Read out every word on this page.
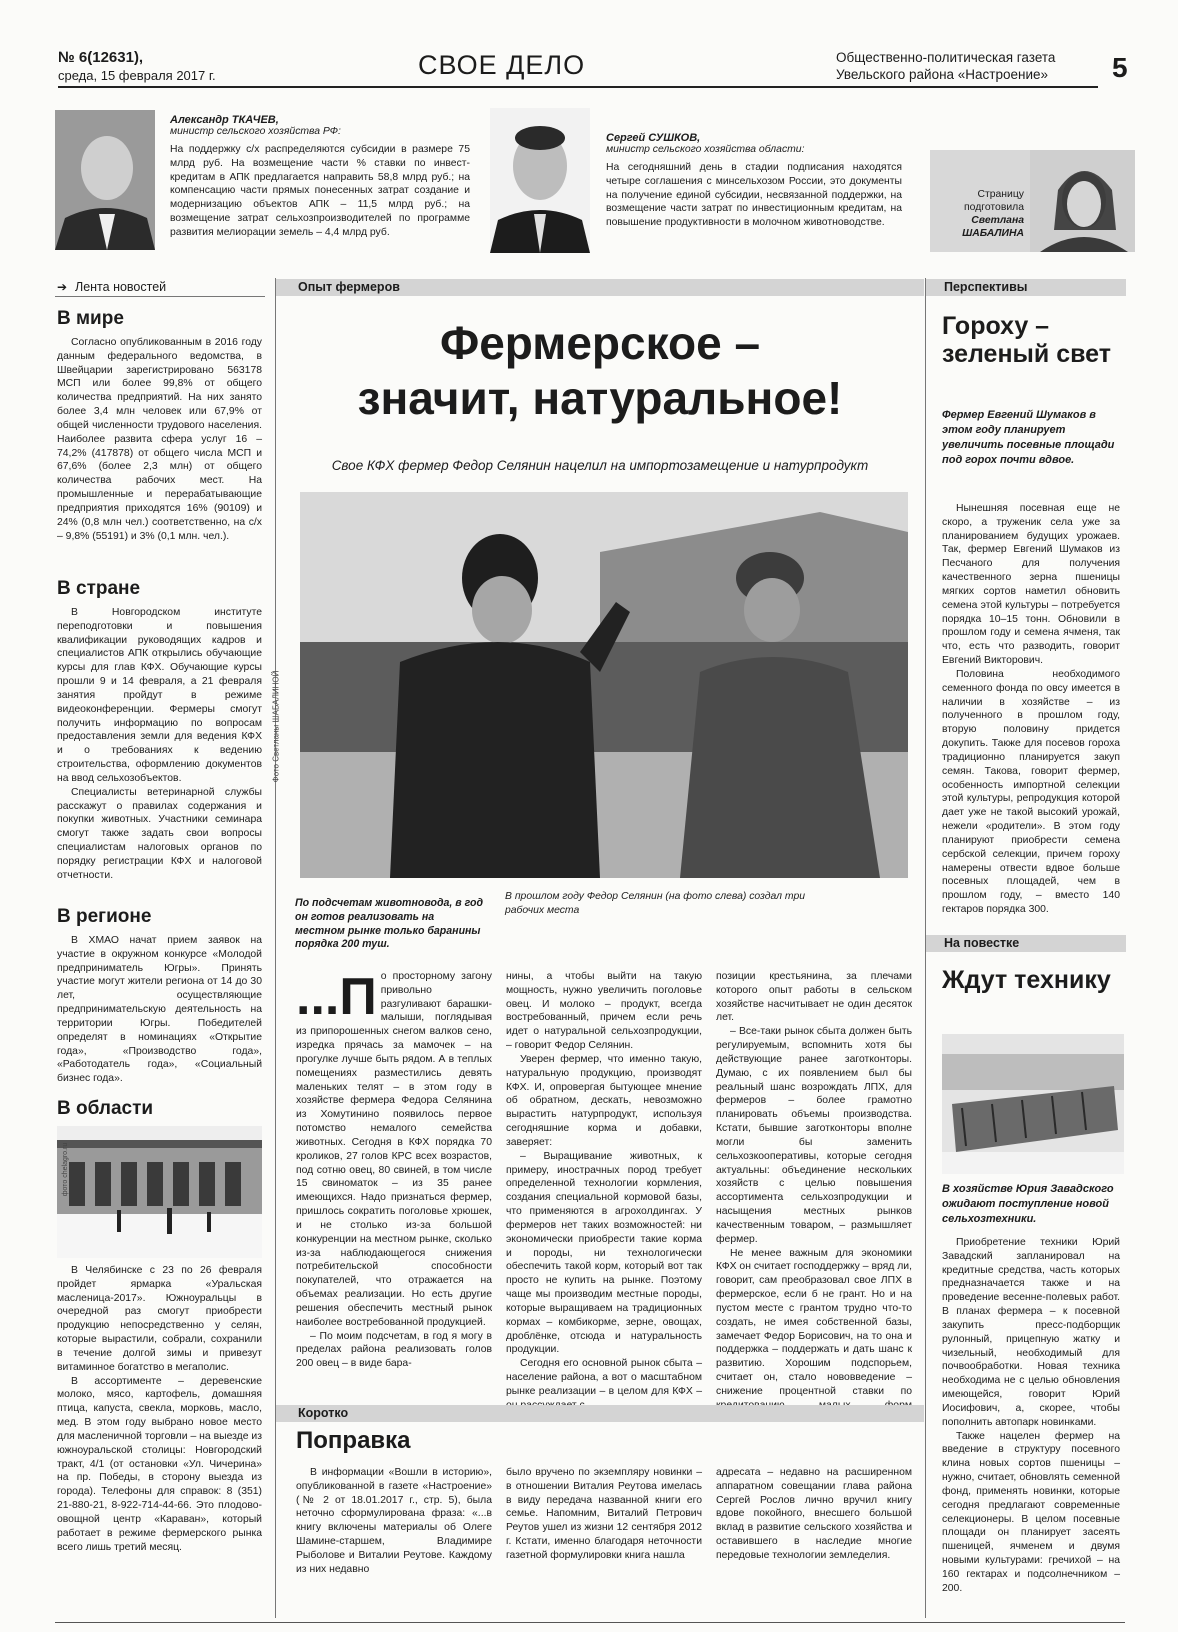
№ 6(12631),
среда, 15 февраля 2017 г.	СВОЕ ДЕЛО	Общественно-политическая газета
Увельского района «Настроение» 5
Александр ТКАЧЕВ,
министр сельского хозяйства РФ:

На поддержку с/х распределяются субсидии в размере 75 млрд руб. На возмещение части % ставки по инвест-кредитам в АПК предлагается направить 58,8 млрд руб.; на компенсацию части прямых понесенных затрат создание и модернизацию объектов АПК – 11,5 млрд руб.; на возмещение затрат сельхозпроизводителей по программе развития мелиорации земель – 4,4 млрд руб.

Сергей СУШКОВ,
министр сельского хозяйства области:

На сегодняшний день в стадии подписания находятся четыре соглашения с минсельхозом России, это документы на получение единой субсидии, несвязанной поддержки, на возмещение части затрат по инвестиционным кредитам, на повышение продуктивности в молочном животноводстве.

Страницу
подготовила
Светлана
ШАБАЛИНА
➔ Лента новостей
В мире

Согласно опубликованным в 2016 году данным федерального ведомства, в Швейцарии зарегистрировано 563178 МСП или более 99,8% от общего количества предприятий. На них занято более 3,4 млн человек или 67,9% от общей численности трудового населения. Наиболее развита сфера услуг 16 – 74,2% (417878) от общего числа МСП и 67,6% (более 2,3 млн) от общего количества рабочих мест. На промышленные и перерабатывающие предприятия приходятся 16% (90109) и 24% (0,8 млн чел.) соответственно, на с/х – 9,8% (55191) и 3% (0,1 млн. чел.).

В стране

В Новгородском институте переподготовки и повышения квалификации руководящих кадров и специалистов АПК открылись обучающие курсы для глав КФХ. Обучающие курсы прошли 9 и 14 февраля, а 21 февраля занятия пройдут в режиме видеоконференции. Фермеры смогут получить информацию по вопросам предоставления земли для ведения КФХ и о требованиях к ведению строительства, оформлению документов на ввод сельхозобъектов.

Специалисты ветеринарной службы расскажут о правилах содержания и покупки животных. Участники семинара смогут также задать свои вопросы специалистам налоговых органов по порядку регистрации КФХ и налоговой отчетности.

В регионе

В ХМАО начат прием заявок на участие в окружном конкурсе «Молодой предприниматель Югры». Принять участие могут жители региона от 14 до 30 лет, осуществляющие предпринимательскую деятельность на территории Югры. Победителей определят в номинациях «Открытие года», «Производство года», «Работодатель года», «Социальный бизнес года».

В области
фото chelagro.ru

В Челябинске с 23 по 26 февраля пройдет ярмарка «Уральская масленица-2017». Южноуральцы в очередной раз смогут приобрести продукцию непосредственно у селян, которые вырастили, собрали, сохранили в течение долгой зимы и привезут витаминное богатство в мегаполис.

В ассортименте – деревенские молоко, мясо, картофель, домашняя птица, капуста, свекла, морковь, масло, мед. В этом году выбрано новое место для масленичной торговли – на выезде из южноуральской столицы: Новгородский тракт, 4/1 (от остановки «Ул. Чичерина» на пр. Победы, в сторону выезда из города). Телефоны для справок: 8 (351) 21-880-21, 8-922-714-44-66. Это плодово-овощной центр «Караван», который работает в режиме фермерского рынка всего лишь третий месяц.

Опыт фермеров
Фермерское –
значит, натуральное!
Свое КФХ фермер Федор Селянин нацелил на импортозамещение и натурпродукт
Фото Светланы ШАБАЛИНОЙ
По подсчетам животновода, в год он готов реализовать на местном рынке только баранины порядка 200 туш.
В прошлом году Федор Селянин (на фото слева) создал три рабочих места
...П о просторному загону привольно разгуливают барашки-малыши, поглядывая из припорошенных снегом валков сено, изредка прячась за мамочек – на прогулке лучше быть рядом. А в теплых помещениях разместились девять маленьких телят – в этом году в хозяйстве фермера Федора Селянина из Хомутинино появилось первое потомство немалого семейства животных. Сегодня в КФХ порядка 70 кроликов, 27 голов КРС всех возрастов, под сотню овец, 80 свиней, в том числе 15 свиноматок – из 35 ранее имеющихся. Надо признаться фермер, пришлось сократить поголовье хрюшек, и не столько из-за большой конкуренции на местном рынке, сколько из-за наблюдающегося снижения потребительской способности покупателей, что отражается на объемах реализации. Но есть другие решения обеспечить местный рынок наиболее востребованной продукцией.

– По моим подсчетам, в год я могу в пределах района реализовать голов 200 овец – в виде бара-

нины, а чтобы выйти на такую мощность, нужно увеличить поголовье овец. И молоко – продукт, всегда востребованный, причем если речь идет о натуральной сельхозпродукции, – говорит Федор Селянин.

Уверен фермер, что именно такую, натуральную продукцию, производят КФХ. И, опровергая бытующее мнение об обратном, дескать, невозможно вырастить натурпродукт, используя сегодняшние корма и добавки, заверяет:

– Выращивание животных, к примеру, инострачных пород требует определенной технологии кормления, создания специальной кормовой базы, что применяются в агрохолдингах. У фермеров нет таких возможностей: ни экономически приобрести такие корма и породы, ни технологически обеспечить такой корм, который вот так просто не купить на рынке. Поэтому чаще мы производим местные породы, которые выращиваем на традиционных кормах – комбикорме, зерне, овощах, дроблёнке, отсюда и натуральность продукции.

Сегодня его основной рынок сбыта – население района, а вот о масштабном рынке реализации – в целом для КФХ –

позиции крестьянина, за плечами которого опыт работы в сельском хозяйстве насчитывает не один десяток лет.

– Все-таки рынок сбыта должен быть регулируемым, вспомнить хотя бы действующие ранее заготконторы. Думаю, с их появлением был бы реальный шанс возрождать ЛПХ, для фермеров – более грамотно планировать объемы производства. Кстати, бывшие заготконторы вполне могли бы заменить сельхозкооперативы, которые сегодня актуальны: объединение нескольких хозяйств с целью повышения ассортимента сельхозпродукции и насыщения местных рынков качественным товаром, – размышляет фермер.

Не менее важным для экономики КФХ он считает господдержку – вряд ли, говорит, сам преобразовал свое ЛПХ в фермерское, если б не грант. Но и на пустом месте с грантом трудно что-то создать, не имея собственной базы, замечает Федор Борисович, на то она и поддержка – поддержать и дать шанс к развитию. Хорошим подспорьем, считает он, стало нововведение – снижение процентной ставки по

Коротко
Поправка

В информации «Вошли в историю», опубликованной в газете «Настроение» (№ 2 от 18.01.2017 г., стр. 5), была неточно сформулирована фраза: «...в книгу включены материалы об Олеге Шамине-старшем, Владимире Рыболове и Виталии Реутове. Каждому из них недавно

было вручено по экземпляру новинки – в отношении Виталия Реутова имелась в виду передача названной книги его семье. Напомним, Виталий Петрович Реутов ушел из жизни 12 сентября 2012 г. Кстати, именно благодаря неточности газетной формулировки книга нашла

адресата – недавно на расширенном аппаратном совещании глава района Сергей Рослов лично вручил книгу вдове покойного, внесшего большой вклад в развитие сельского хозяйства и оставившего в наследие многие передовые технологии земледелия.

Перспективы
Гороху – зеленый свет
Фермер Евгений Шумаков в этом году планирует увеличить посевные площади под горох почти вдвое.

Нынешняя посевная еще не скоро, а труженик села уже за планированием будущих урожаев. Так, фермер Евгений Шумаков из Песчаного для получения качественного зерна пшеницы мягких сортов наметил обновить семена этой культуры – потребуется порядка 10–15 тонн. Обновили в прошлом году и семена ячменя, так что, есть что разводить, говорит Евгений Викторович.

Половина необходимого семенного фонда по овсу имеется в наличии в хозяйстве – из полученного в прошлом году, вторую половину придется докупить. Также для посевов гороха традиционно планируется закуп семян. Такова, говорит фермер, особенность импортной селекции этой культуры, репродукция которой дает уже не такой высокий урожай, нежели «родители». В этом году планируют приобрести семена сербской селекции, причем гороху намерены отвести вдвое больше посевных площадей, чем в прошлом году, – вместо 140 гектаров порядка 300.

На повестке
Ждут технику
В хозяйстве Юрия Завадского ожидают поступление новой сельхозтехники.

Приобретение техники Юрий Завадский запланировал на кредитные средства, часть которых предназначается также и на проведение весенне-полевых работ. В планах фермера – к посевной закупить пресс-подборщик рулонный, прицепную жатку и чизельный, необходимый для почвообработки. Новая техника необходима не с целью обновления имеющейся, говорит Юрий Иосифович, а, скорее, чтобы пополнить автопарк новинками.

Также нацелен фермер на введение в структуру посевного клина новых сортов пшеницы – нужно, считает, обновлять семенной фонд, применять новинки, которые сегодня предлагают современные селекционеры. В целом посевные площади он планирует засеять пшеницей, ячменем и двумя новыми культурами: гречихой – на 160 гектарах и подсолнечником – 200.
